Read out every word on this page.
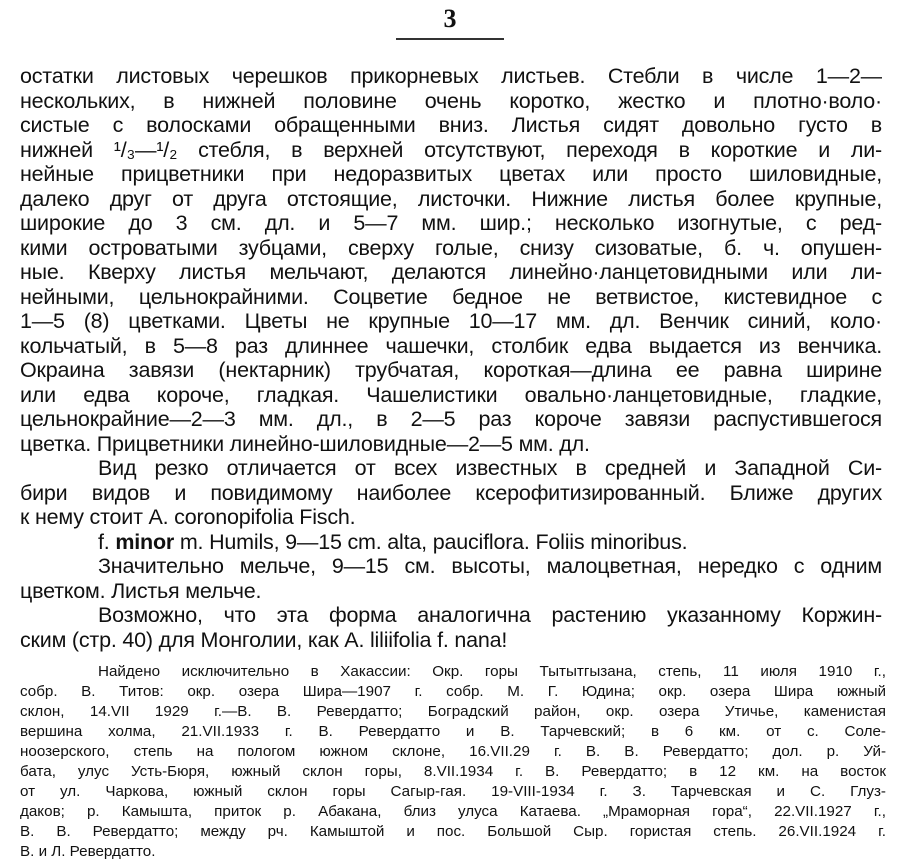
3
остатки листовых черешков прикорневых листьев. Стебли в числе 1—2—
нескольких, в нижней половине очень коротко, жестко и плотно·воло·
систые с волосками обращенными вниз. Листья сидят довольно густо в
нижней ¹/₃—¹/₂ стебля, в верхней отсутствуют, переходя в короткие и ли-
нейные прицветники при недоразвитых цветах или просто шиловидные,
далеко друг от друга отстоящие, листочки. Нижние листья более крупные,
широкие до 3 см. дл. и 5—7 мм. шир.; несколько изогнутые, с ред-
кими островатыми зубцами, сверху голые, снизу сизоватые, б. ч. опушен-
ные. Кверху листья мельчают, делаются линейно·ланцетовидными или ли-
нейными, цельнокрайними. Соцветие бедное не ветвистое, кистевидное с
1—5 (8) цветками. Цветы не крупные 10—17 мм. дл. Венчик синий, коло·
кольчатый, в 5—8 раз длиннее чашечки, столбик едва выдается из венчика.
Окраина завязи (нектарник) трубчатая, короткая—длина ее равна ширине
или едва короче, гладкая. Чашелистики овально·ланцетовидные, гладкие,
цельнокрайние—2—3 мм. дл., в 2—5 раз короче завязи распустившегося
цветка. Прицветники линейно-шиловидные—2—5 мм. дл.
Вид резко отличается от всех известных в средней и Западной Си-
бири видов и повидимому наиболее ксерофитизированный. Ближе других
к нему стоит A. coronopifolia Fisch.
f. minor m. Humils, 9—15 cm. alta, pauciflora. Foliis minoribus.
Значительно мельче, 9—15 см. высоты, малоцветная, нередко с одним
цветком. Листья мельче.
Возможно, что эта форма аналогична растению указанному Коржин-
ским (стр. 40) для Монголии, как A. liliifolia f. nana!
Найдено исключительно в Хакассии: Окр. горы Тытытгызана, степь, 11 июля 1910 г.,
собр. В. Титов: окр. озера Шира—1907 г. собр. М. Г. Юдина; окр. озера Шира южный
склон, 14.VII 1929 г.—В. В. Ревердатто; Боградский район, окр. озера Утичье, каменистая
вершина холма, 21.VII.1933 г. В. Ревердатто и В. Тарчевский; в 6 км. от с. Соле-
ноозерского, степь на пологом южном склоне, 16.VII.29 г. В. В. Ревердатто; дол. р. Уй-
бата, улус Усть-Бюря, южный склон горы, 8.VII.1934 г. В. Ревердатто; в 12 км. на восток
от ул. Чаркова, южный склон горы Сагыр-гая. 19-VIII-1934 г. З. Тарчевская и С. Глуз-
даков; р. Камышта, приток р. Абакана, близ улуса Катаева. „Мраморная гора“, 22.VII.1927 г.,
В. В. Ревердатто; между рч. Камыштой и пос. Большой Сыр. гористая степь. 26.VII.1924 г.
В. и Л. Ревердатто.
